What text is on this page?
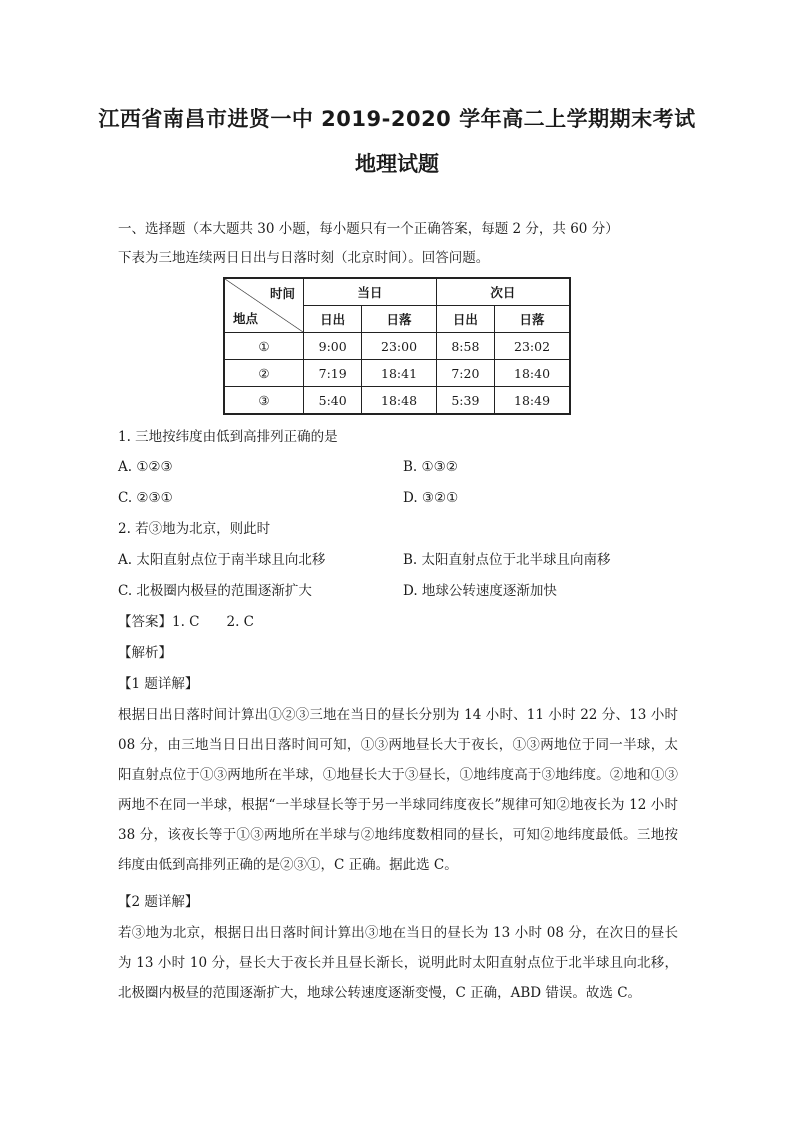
江西省南昌市进贤一中 2019-2020 学年高二上学期期末考试
地理试题
一、选择题（本大题共 30 小题，每小题只有一个正确答案，每题 2 分，共 60 分）
下表为三地连续两日日出与日落时刻（北京时间）。回答问题。
时间
地点	当日		次日	
	日出	日落	日出	日落
①	9:00	23:00	8:58	23:02
②	7:19	18:41	7:20	18:40
③	5:40	18:48	5:39	18:49
1. 三地按纬度由低到高排列正确的是
A. ①②③	B. ①③②
C. ②③①	D. ③②①
2. 若③地为北京，则此时
A. 太阳直射点位于南半球且向北移	B. 太阳直射点位于北半球且向南移
C. 北极圈内极昼的范围逐渐扩大	D. 地球公转速度逐渐加快
【答案】1. C　　2. C
【解析】
【1 题详解】
根据日出日落时间计算出①②③三地在当日的昼长分别为 14 小时、11 小时 22 分、13 小时 08 分，由三地当日日出日落时间可知，①③两地昼长大于夜长，①③两地位于同一半球，太阳直射点位于①③两地所在半球，①地昼长大于③昼长，①地纬度高于③地纬度。②地和①③两地不在同一半球，根据“一半球昼长等于另一半球同纬度夜长”规律可知②地夜长为 12 小时 38 分，该夜长等于①③两地所在半球与②地纬度数相同的昼长，可知②地纬度最低。三地按纬度由低到高排列正确的是②③①，C 正确。据此选 C。
【2 题详解】
若③地为北京，根据日出日落时间计算出③地在当日的昼长为 13 小时 08 分，在次日的昼长为 13 小时 10 分，昼长大于夜长并且昼长渐长，说明此时太阳直射点位于北半球且向北移，北极圈内极昼的范围逐渐扩大，地球公转速度逐渐变慢，C 正确，ABD 错误。故选 C。
